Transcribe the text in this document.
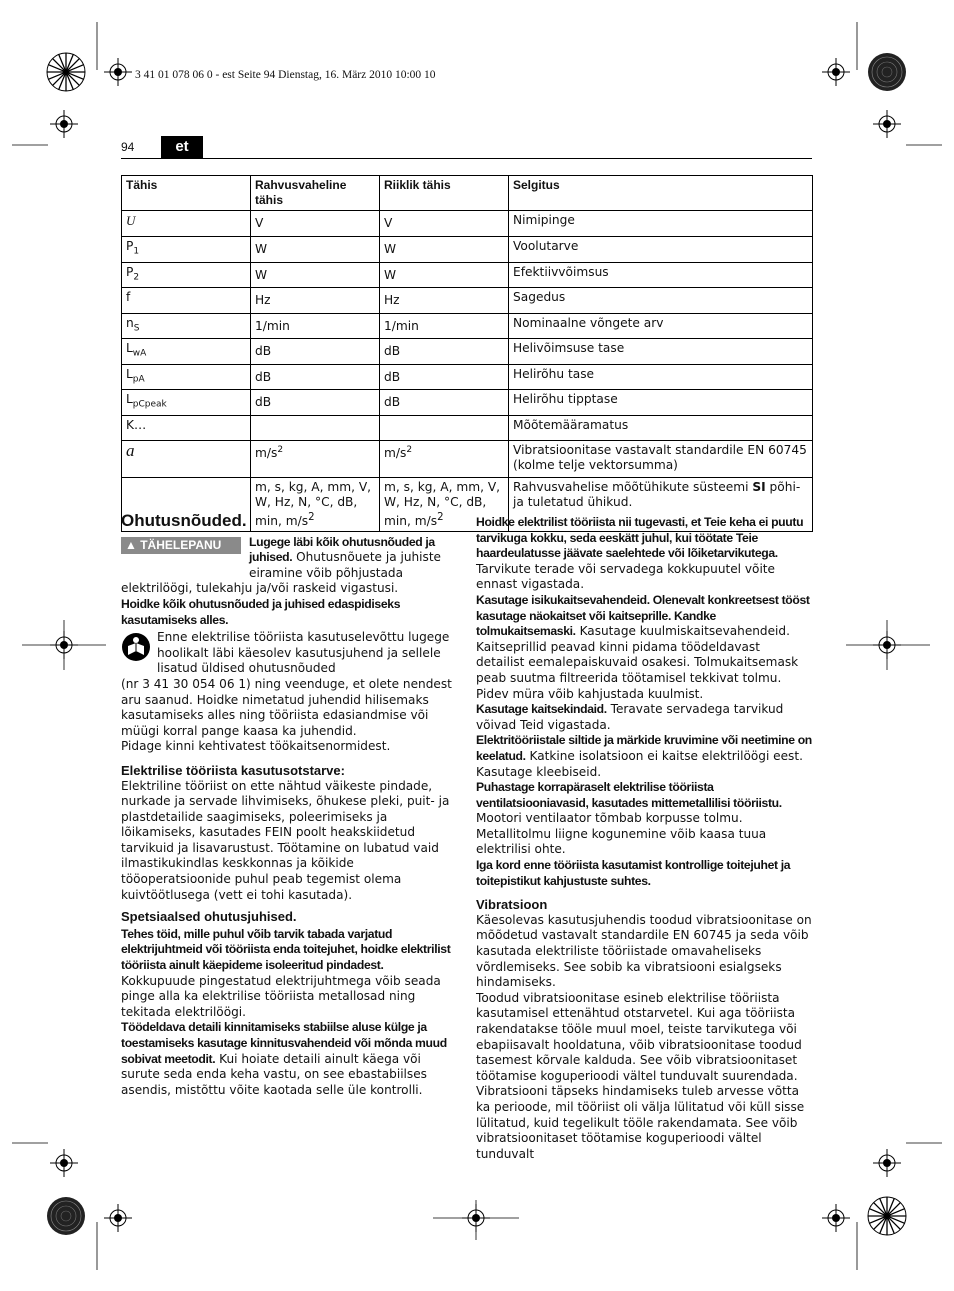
3 41 01 078 06 0 - est Seite 94 Dienstag, 16. März 2010 10:00 10
94	et
Tähis	Rahvusvaheline tähis	Riiklik tähis	Selgitus
U	V	V	Nimipinge
$P_1$	W	W	Voolutarve
$P_2$	W	W	Efektiivvõimsus
f	Hz	Hz	Sagedus
$n_S$	1/min	1/min	Nominaalne võngete arv
$L_{wA}$	dB	dB	Helivõimsuse tase
$L_{pA}$	dB	dB	Helirõhu tase
$L_{pCpeak}$	dB	dB	Helirõhu tipptase
K…			Mõõtemääramatus
a	$m/s^2$	$m/s^2$	Vibratsioonitase vastavalt standardile EN 60745 (kolme telje vektorsumma)
	m, s, kg, A, mm, V, W, Hz, N, °C, dB, min, $m/s^2$	m, s, kg, A, mm, V, W, Hz, N, °C, dB, min, $m/s^2$	Rahvusvahelise mõõtühikute süsteemi SI põhi- ja tuletatud ühikud.

Ohutusnõuded.

▲ TÄHELEPANU	Lugege läbi kõik ohutusnõuded ja juhised. Ohutusnõuete ja juhiste eiramine võib põhjustada

elektrilöögi, tulekahju ja/või raskeid vigastusi.

Hoidke kõik ohutusnõuded ja juhised edaspidiseks kasutamiseks alles.

Enne elektrilise tööriista kasutuselevõttu lugege hoolikalt läbi käesolev kasutusjuhend ja sellele lisatud üldised ohutusnõuded

(nr 3 41 30 054 06 1) ning veenduge, et olete nendest aru saanud. Hoidke nimetatud juhendid hilisemaks kasutamiseks alles ning tööriista edasiandmise või müügi korral pange kaasa ka juhendid.

Pidage kinni kehtivatest töökaitsenormidest.

Elektrilise tööriista kasutusotstarve:

Elektriline tööriist on ette nähtud väikeste pindade, nurkade ja servade lihvimiseks, õhukese pleki, puit- ja plastdetailide saagimiseks, poleerimiseks ja lõikamiseks, kasutades FEIN poolt heakskiidetud tarvikuid ja lisavarustust. Töötamine on lubatud vaid ilmastikukindlas keskkonnas ja kõikide tööoperatsioonide puhul peab tegemist olema kuivtöötlusega (vett ei tohi kasutada).

Spetsiaalsed ohutusjuhised.

Tehes töid, mille puhul võib tarvik tabada varjatud elektrijuhtmeid või tööriista enda toitejuhet, hoidke elektrilist tööriista ainult käepideme isoleeritud pindadest.

Kokkupuude pingestatud elektrijuhtmega võib seada pinge alla ka elektrilise tööriista metallosad ning tekitada elektrilöögi.

Töödeldava detaili kinnitamiseks stabiilse aluse külge ja toestamiseks kasutage kinnitusvahendeid või mõnda muud sobivat meetodit. Kui hoiate detaili ainult käega või surute seda enda keha vastu, on see ebastabiilses asendis, mistõttu võite kaotada selle üle kontrolli.

Hoidke elektrilist tööriista nii tugevasti, et Teie keha ei puutu tarvikuga kokku, seda eeskätt juhul, kui töötate Teie haardeulatusse jäävate saelehtede või lõiketarvikutega.

Tarvikute terade või servadega kokkupuutel võite ennast vigastada.

Kasutage isikukaitsevahendeid. Olenevalt konkreetsest tööst kasutage näokaitset või kaitseprille. Kandke tolmukaitsemaski. Kasutage kuulmiskaitsevahendeid. Kaitseprillid peavad kinni pidama töödeldavast detailist eemalepaiskuvaid osakesi. Tolmukaitsemask peab suutma filtreerida töötamisel tekkivat tolmu. Pidev müra võib kahjustada kuulmist.

Kasutage kaitsekindaid. Teravate servadega tarvikud võivad Teid vigastada.

Elektritööriistale siltide ja märkide kruvimine või neetimine on keelatud. Katkine isolatsioon ei kaitse elektrilöögi eest. Kasutage kleebiseid.

Puhastage korrapäraselt elektrilise tööriista ventilatsiooniavasid, kasutades mittemetallilisi tööriistu.

Mootori ventilaator tõmbab korpusse tolmu. Metallitolmu liigne kogunemine võib kaasa tuua elektrilisi ohte.

Iga kord enne tööriista kasutamist kontrollige toitejuhet ja toitepistikut kahjustuste suhtes.

Vibratsioon

Käesolevas kasutusjuhendis toodud vibratsioonitase on mõõdetud vastavalt standardile EN 60745 ja seda võib kasutada elektriliste tööriistade omavaheliseks võrdlemiseks. See sobib ka vibratsiooni esialgseks hindamiseks.

Toodud vibratsioonitase esineb elektrilise tööriista kasutamisel ettenähtud otstarvetel. Kui aga tööriista rakendatakse tööle muul moel, teiste tarvikutega või ebapiisavalt hooldatuna, võib vibratsioonitase toodud tasemest kõrvale kalduda. See võib vibratsioonitaset töötamise koguperioodi vältel tunduvalt suurendada.

Vibratsiooni täpseks hindamiseks tuleb arvesse võtta ka perioode, mil tööriist oli välja lülitatud või küll sisse lülitatud, kuid tegelikult tööle rakendamata. See võib vibratsioonitaset töötamise koguperioodi vältel tunduvalt
